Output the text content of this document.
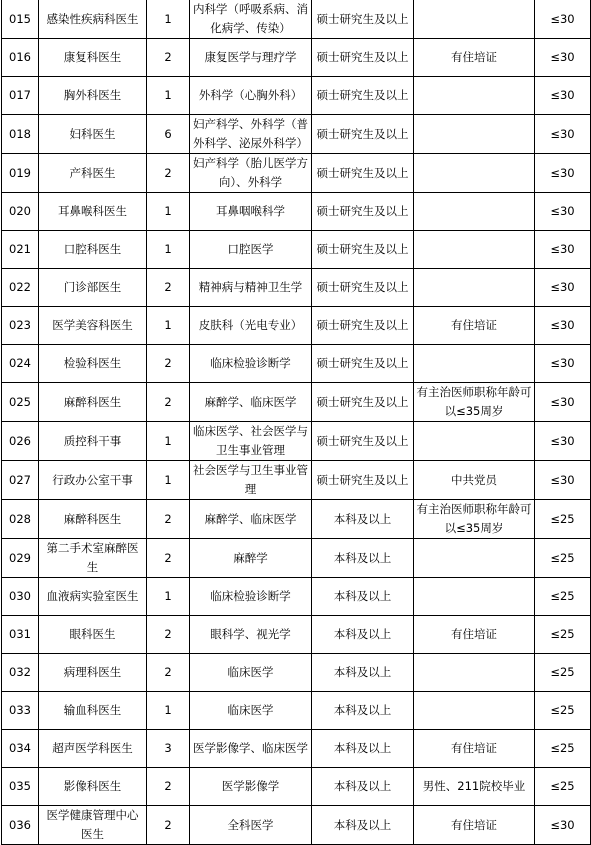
015	感染性疾病科医生	1	内科学（呼吸系病、消化病学、传染）	硕士研究生及以上		≤30
016	康复科医生	2	康复医学与理疗学	硕士研究生及以上	有住培证	≤30
017	胸外科医生	1	外科学（心胸外科）	硕士研究生及以上		≤30
018	妇科医生	6	妇产科学、外科学（普外科学、泌尿外科学）	硕士研究生及以上		≤30
019	产科医生	2	妇产科学（胎儿医学方向）、外科学	硕士研究生及以上		≤30
020	耳鼻喉科医生	1	耳鼻咽喉科学	硕士研究生及以上		≤30
021	口腔科医生	1	口腔医学	硕士研究生及以上		≤30
022	门诊部医生	2	精神病与精神卫生学	硕士研究生及以上		≤30
023	医学美容科医生	1	皮肤科（光电专业）	硕士研究生及以上	有住培证	≤30
024	检验科医生	2	临床检验诊断学	硕士研究生及以上		≤30
025	麻醉科医生	2	麻醉学、临床医学	硕士研究生及以上	有主治医师职称年龄可以≤35周岁	≤30
026	质控科干事	1	临床医学、社会医学与卫生事业管理	硕士研究生及以上		≤30
027	行政办公室干事	1	社会医学与卫生事业管理	硕士研究生及以上	中共党员	≤30
028	麻醉科医生	2	麻醉学、临床医学	本科及以上	有主治医师职称年龄可以≤35周岁	≤25
029	第二手术室麻醉医生	2	麻醉学	本科及以上		≤25
030	血液病实验室医生	1	临床检验诊断学	本科及以上		≤25
031	眼科医生	2	眼科学、视光学	本科及以上	有住培证	≤25
032	病理科医生	2	临床医学	本科及以上		≤25
033	输血科医生	1	临床医学	本科及以上		≤25
034	超声医学科医生	3	医学影像学、临床医学	本科及以上	有住培证	≤25
035	影像科医生	2	医学影像学	本科及以上	男性、211院校毕业	≤25
036	医学健康管理中心医生	2	全科医学	本科及以上	有住培证	≤30
